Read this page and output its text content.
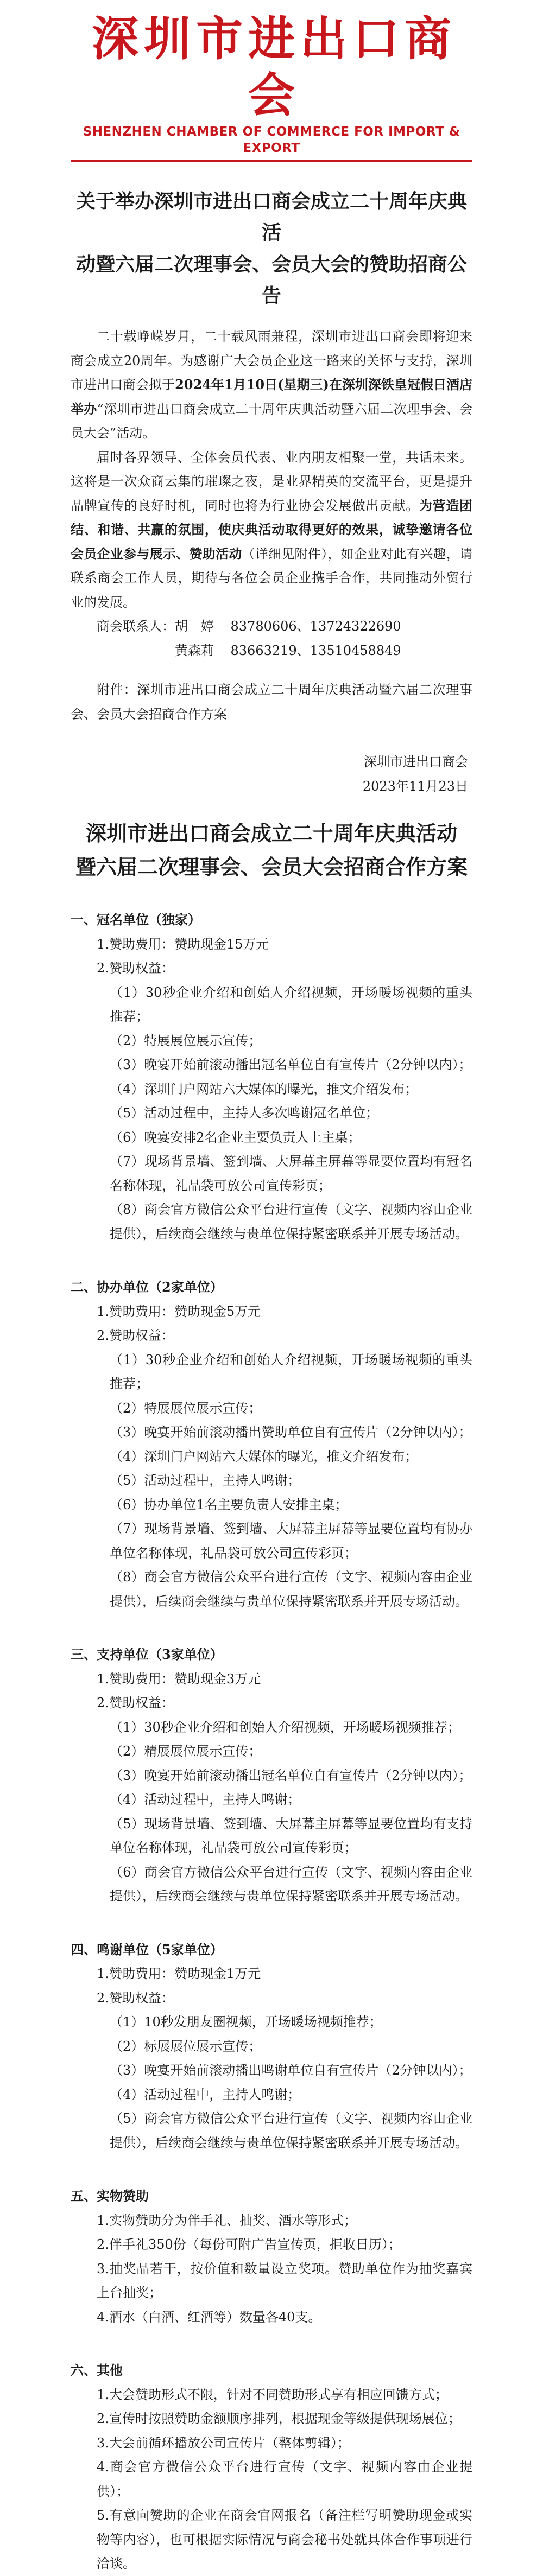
深圳市进出口商会
SHENZHEN CHAMBER OF COMMERCE FOR IMPORT & EXPORT
关于举办深圳市进出口商会成立二十周年庆典活
动暨六届二次理事会、会员大会的赞助招商公告

二十载峥嵘岁月，二十载风雨兼程，深圳市进出口商会即将迎来商会成立20周年。为感谢广大会员企业这一路来的关怀与支持，深圳市进出口商会拟于2024年1月10日(星期三)在深圳深铁皇冠假日酒店举办“深圳市进出口商会成立二十周年庆典活动暨六届二次理事会、会员大会”活动。

届时各界领导、全体会员代表、业内朋友相聚一堂，共话未来。这将是一次众商云集的璀璨之夜，是业界精英的交流平台，更是提升品牌宣传的良好时机，同时也将为行业协会发展做出贡献。为营造团结、和谐、共赢的氛围，使庆典活动取得更好的效果，诚挚邀请各位会员企业参与展示、赞助活动（详细见附件），如企业对此有兴趣，请联系商会工作人员，期待与各位会员企业携手合作，共同推动外贸行业的发展。

商会联系人：胡　婷 83780606、13724322690
黄森莉 83663219、13510458849

附件：深圳市进出口商会成立二十周年庆典活动暨六届二次理事会、会员大会招商合作方案

深圳市进出口商会
2023年11月23日
深圳市进出口商会成立二十周年庆典活动
暨六届二次理事会、会员大会招商合作方案
一、冠名单位（独家）

1.赞助费用：赞助现金15万元

2.赞助权益：

（1）30秒企业介绍和创始人介绍视频，开场暖场视频的重头推荐；

（2）特展展位展示宣传；

（3）晚宴开始前滚动播出冠名单位自有宣传片（2分钟以内）；

（4）深圳门户网站六大媒体的曝光，推文介绍发布；

（5）活动过程中，主持人多次鸣谢冠名单位；

（6）晚宴安排2名企业主要负责人上主桌；

（7）现场背景墙、签到墙、大屏幕主屏幕等显要位置均有冠名名称体现，礼品袋可放公司宣传彩页；

（8）商会官方微信公众平台进行宣传（文字、视频内容由企业提供），后续商会继续与贵单位保持紧密联系并开展专场活动。

二、协办单位（2家单位）

1.赞助费用：赞助现金5万元

2.赞助权益：

（1）30秒企业介绍和创始人介绍视频，开场暖场视频的重头推荐；

（2）特展展位展示宣传；

（3）晚宴开始前滚动播出赞助单位自有宣传片（2分钟以内）；

（4）深圳门户网站六大媒体的曝光，推文介绍发布；

（5）活动过程中，主持人鸣谢；

（6）协办单位1名主要负责人安排主桌；

（7）现场背景墙、签到墙、大屏幕主屏幕等显要位置均有协办单位名称体现，礼品袋可放公司宣传彩页；

（8）商会官方微信公众平台进行宣传（文字、视频内容由企业提供），后续商会继续与贵单位保持紧密联系并开展专场活动。

三、支持单位（3家单位）

1.赞助费用：赞助现金3万元

2.赞助权益：

（1）30秒企业介绍和创始人介绍视频，开场暖场视频推荐；

（2）精展展位展示宣传；

（3）晚宴开始前滚动播出冠名单位自有宣传片（2分钟以内）；

（4）活动过程中，主持人鸣谢；

（5）现场背景墙、签到墙、大屏幕主屏幕等显要位置均有支持单位名称体现，礼品袋可放公司宣传彩页；

（6）商会官方微信公众平台进行宣传（文字、视频内容由企业提供），后续商会继续与贵单位保持紧密联系并开展专场活动。

四、鸣谢单位（5家单位）

1.赞助费用：赞助现金1万元

2.赞助权益：

（1）10秒发朋友圈视频，开场暖场视频推荐；

（2）标展展位展示宣传；

（3）晚宴开始前滚动播出鸣谢单位自有宣传片（2分钟以内）；

（4）活动过程中，主持人鸣谢；

（5）商会官方微信公众平台进行宣传（文字、视频内容由企业提供），后续商会继续与贵单位保持紧密联系并开展专场活动。

五、实物赞助

1.实物赞助分为伴手礼、抽奖、酒水等形式；

2.伴手礼350份（每份可附广告宣传页，拒收日历）；

3.抽奖品若干，按价值和数量设立奖项。赞助单位作为抽奖嘉宾上台抽奖；

4.酒水（白酒、红酒等）数量各40支。

六、其他

1.大会赞助形式不限，针对不同赞助形式享有相应回馈方式；

2.宣传时按照赞助金额顺序排列，根据现金等级提供现场展位；

3.大会前循环播放公司宣传片（整体剪辑）；

4.商会官方微信公众平台进行宣传（文字、视频内容由企业提供）；

5.有意向赞助的企业在商会官网报名（备注栏写明赞助现金或实物等内容），也可根据实际情况与商会秘书处就具体合作事项进行洽谈。
